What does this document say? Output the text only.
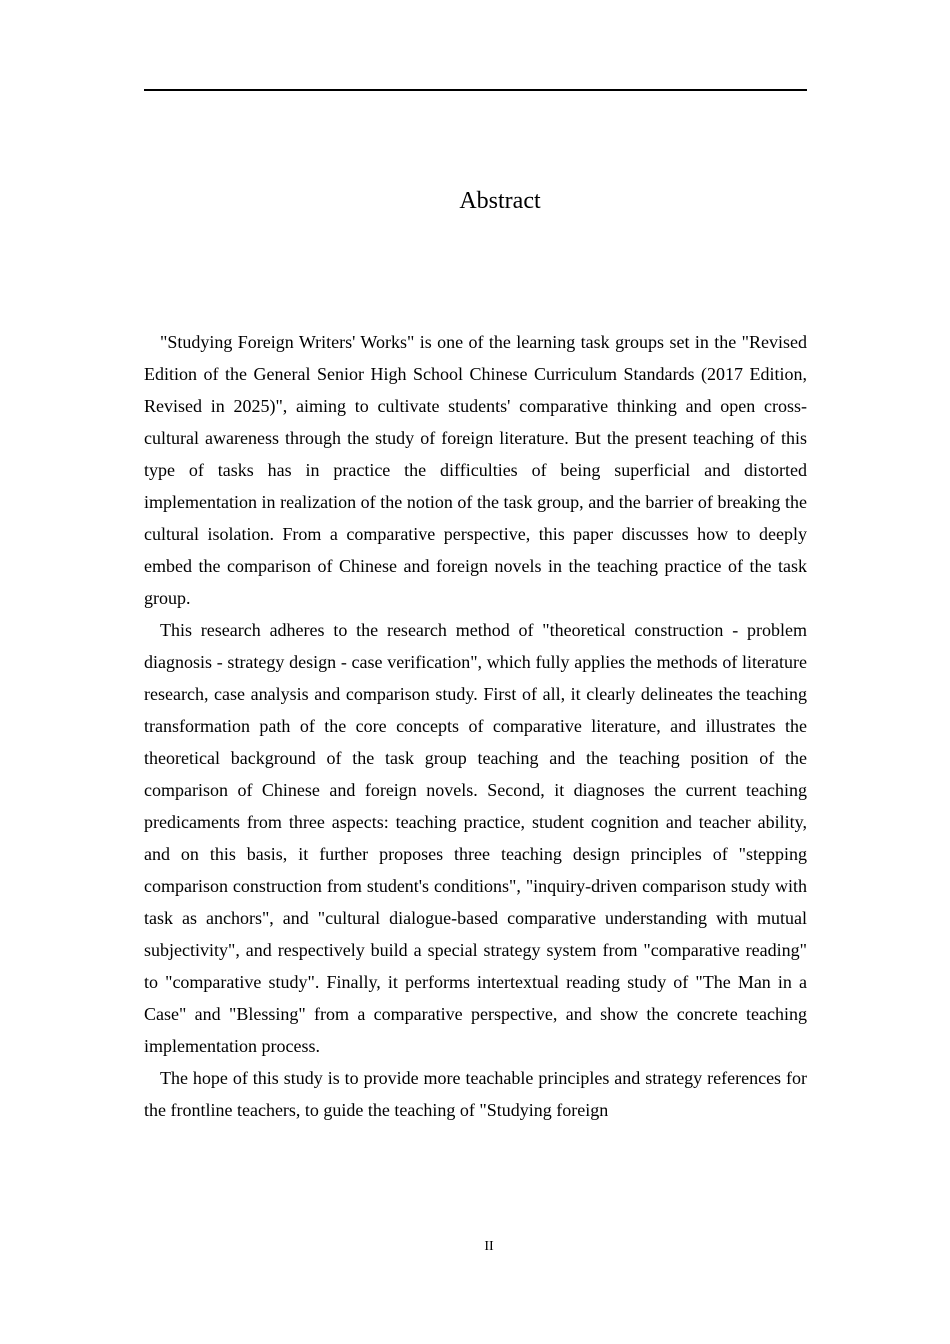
Abstract

"Studying Foreign Writers' Works" is one of the learning task groups set in the "Revised Edition of the General Senior High School Chinese Curriculum Standards (2017 Edition, Revised in 2025)", aiming to cultivate students' comparative thinking and open cross-cultural awareness through the study of foreign literature. But the present teaching of this type of tasks has in practice the difficulties of being superficial and distorted implementation in realization of the notion of the task group, and the barrier of breaking the cultural isolation. From a comparative perspective, this paper discusses how to deeply embed the comparison of Chinese and foreign novels in the teaching practice of the task group.

This research adheres to the research method of "theoretical construction - problem diagnosis - strategy design - case verification", which fully applies the methods of literature research, case analysis and comparison study. First of all, it clearly delineates the teaching transformation path of the core concepts of comparative literature, and illustrates the theoretical background of the task group teaching and the teaching position of the comparison of Chinese and foreign novels. Second, it diagnoses the current teaching predicaments from three aspects: teaching practice, student cognition and teacher ability, and on this basis, it further proposes three teaching design principles of "stepping comparison construction from student's conditions", "inquiry-driven comparison study with task as anchors", and "cultural dialogue-based comparative understanding with mutual subjectivity", and respectively build a special strategy system from "comparative reading" to "comparative study". Finally, it performs intertextual reading study of "The Man in a Case" and "Blessing" from a comparative perspective, and show the concrete teaching implementation process.

The hope of this study is to provide more teachable principles and strategy references for the frontline teachers, to guide the teaching of "Studying foreign

II
